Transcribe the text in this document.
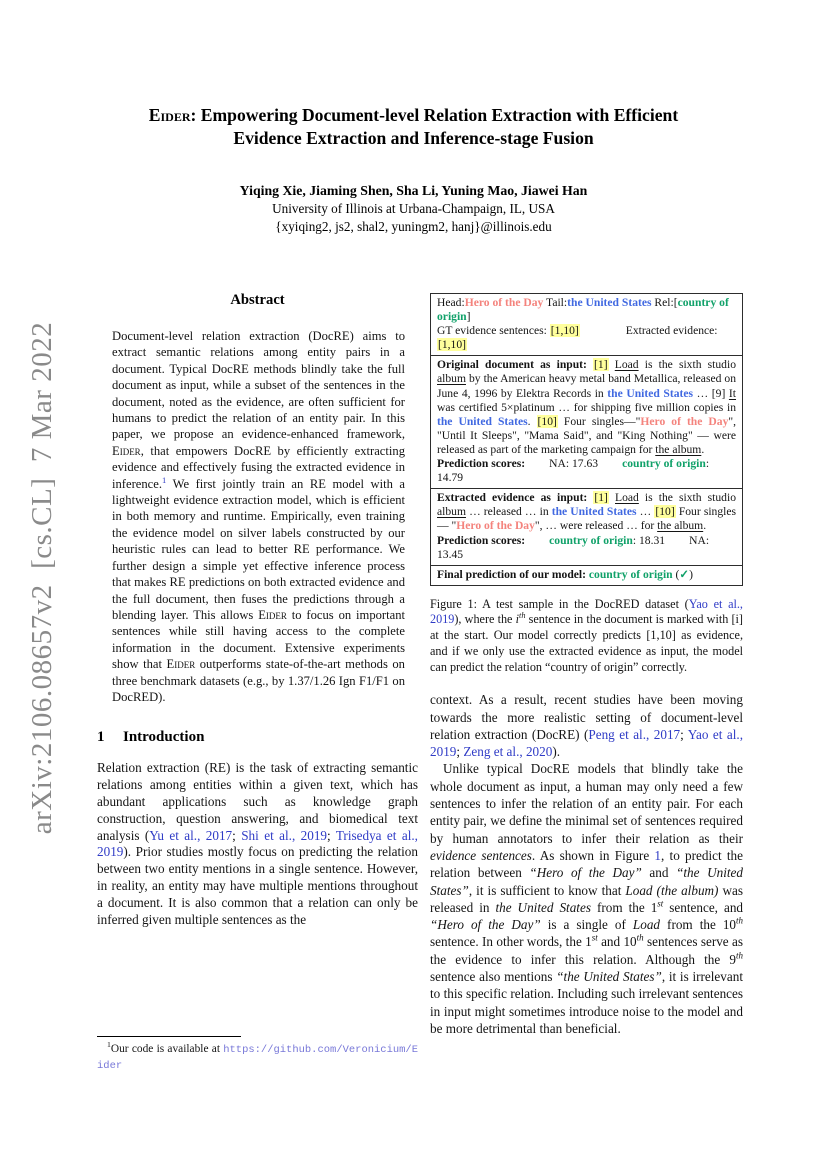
arXiv:2106.08657v2  [cs.CL]  7 Mar 2022
Eider: Empowering Document-level Relation Extraction with Efficient
Evidence Extraction and Inference-stage Fusion
Yiqing Xie, Jiaming Shen, Sha Li, Yuning Mao, Jiawei Han
University of Illinois at Urbana-Champaign, IL, USA
{xyiqing2, js2, shal2, yuningm2, hanj}@illinois.edu
Abstract
Document-level relation extraction (DocRE) aims to extract semantic relations among entity pairs in a document. Typical DocRE methods blindly take the full document as input, while a subset of the sentences in the document, noted as the evidence, are often sufficient for humans to predict the relation of an entity pair. In this paper, we propose an evidence-enhanced framework, Eider, that empowers DocRE by efficiently extracting evidence and effectively fusing the extracted evidence in inference.$^1$ We first jointly train an RE model with a lightweight evidence extraction model, which is efficient in both memory and runtime. Empirically, even training the evidence model on silver labels constructed by our heuristic rules can lead to better RE performance. We further design a simple yet effective inference process that makes RE predictions on both extracted evidence and the full document, then fuses the predictions through a blending layer. This allows Eider to focus on important sentences while still having access to the complete information in the document. Extensive experiments show that Eider outperforms state-of-the-art methods on three benchmark datasets (e.g., by 1.37/1.26 Ign F1/F1 on DocRED).
1 Introduction
Relation extraction (RE) is the task of extracting semantic relations among entities within a given text, which has abundant applications such as knowledge graph construction, question answering, and biomedical text analysis (Yu et al., 2017; Shi et al., 2019; Trisedya et al., 2019). Prior studies mostly focus on predicting the relation between two entity mentions in a single sentence. However, in reality, an entity may have multiple mentions throughout a document. It is also common that a relation can only be inferred given multiple sentences as the
$^1$Our code is available at https://github.com/Veronicium/Eider
Head:Hero of the Day Tail:the United States Rel:[country of origin]
GT evidence sentences: [1,10]	Extracted evidence: [1,10]
Original document as input: [1] Load is the sixth studio album by the American heavy metal band Metallica, released on June 4, 1996 by Elektra Records in the United States … [9] It was certified 5×platinum … for shipping five million copies in the United States. [10] Four singles—"Hero of the Day", "Until It Sleeps", "Mama Said", and "King Nothing" — were released as part of the marketing campaign for the album.
Prediction scores: NA: 17.63 country of origin: 14.79
Extracted evidence as input: [1] Load is the sixth studio album … released … in the United States … [10] Four singles — "Hero of the Day", … were released … for the album.
Prediction scores: country of origin: 18.31 NA: 13.45
Final prediction of our model: country of origin (✓)
Figure 1: A test sample in the DocRED dataset (Yao et al., 2019), where the $i^{th}$ sentence in the document is marked with [i] at the start. Our model correctly predicts [1,10] as evidence, and if we only use the extracted evidence as input, the model can predict the relation “country of origin” correctly.
context. As a result, recent studies have been moving towards the more realistic setting of document-level relation extraction (DocRE) (Peng et al., 2017; Yao et al., 2019; Zeng et al., 2020).
Unlike typical DocRE models that blindly take the whole document as input, a human may only need a few sentences to infer the relation of an entity pair. For each entity pair, we define the minimal set of sentences required by human annotators to infer their relation as their evidence sentences. As shown in Figure 1, to predict the relation between “Hero of the Day” and “the United States”, it is sufficient to know that Load (the album) was released in the United States from the 1st sentence, and “Hero of the Day” is a single of Load from the 10th sentence. In other words, the 1st and 10th sentences serve as the evidence to infer this relation. Although the 9th sentence also mentions “the United States”, it is irrelevant to this specific relation. Including such irrelevant sentences in input might sometimes introduce noise to the model and be more detrimental than beneficial.
